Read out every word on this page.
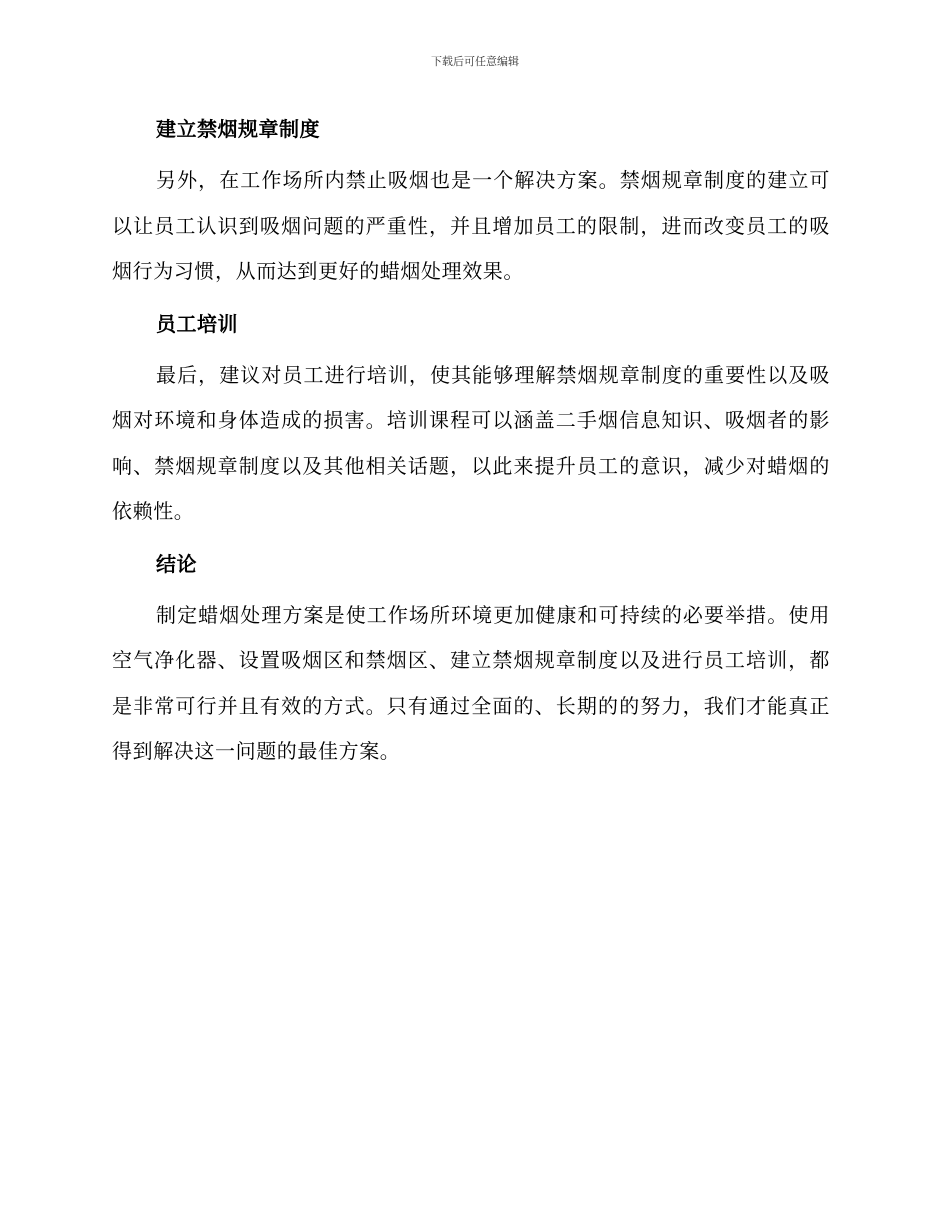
下载后可任意编辑
建立禁烟规章制度

另外，在工作场所内禁止吸烟也是一个解决方案。禁烟规章制度的建立可以让员工认识到吸烟问题的严重性，并且增加员工的限制，进而改变员工的吸烟行为习惯，从而达到更好的蜡烟处理效果。

员工培训

最后，建议对员工进行培训，使其能够理解禁烟规章制度的重要性以及吸烟对环境和身体造成的损害。培训课程可以涵盖二手烟信息知识、吸烟者的影响、禁烟规章制度以及其他相关话题，以此来提升员工的意识，减少对蜡烟的依赖性。

结论

制定蜡烟处理方案是使工作场所环境更加健康和可持续的必要举措。使用空气净化器、设置吸烟区和禁烟区、建立禁烟规章制度以及进行员工培训，都是非常可行并且有效的方式。只有通过全面的、长期的的努力，我们才能真正得到解决这一问题的最佳方案。
